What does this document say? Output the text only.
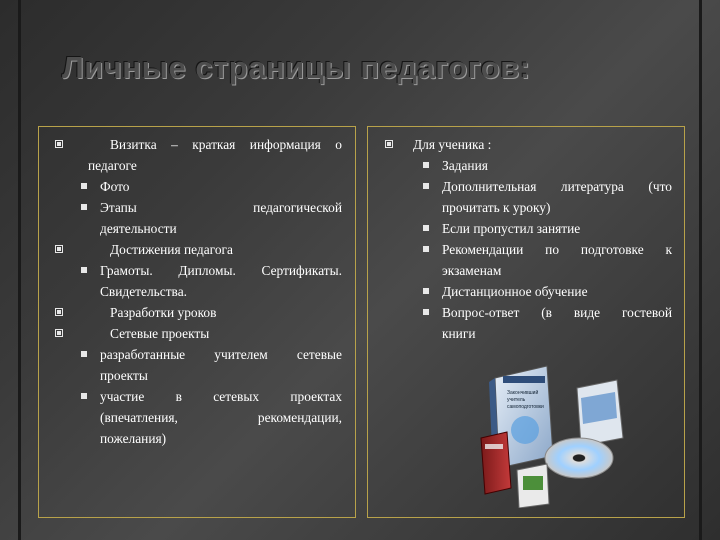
Личные страницы педагогов:
Визитка – краткая информация о
педагоге
Фото
Этапы педагогической
деятельности
Достижения педагога
Грамоты. Дипломы. Сертификаты.
Свидетельства.
Разработки уроков
Сетевые проекты
разработанные учителем сетевые
проекты
участие в сетевых проектах
(впечатления, рекомендации,
пожелания)
Для ученика :
Задания
Дополнительная литература (что
прочитать к уроку)
Если пропустил занятие
Рекомендации по подготовке к
экзаменам
Дистанционное обучение
Вопрос-ответ (в виде гостевой
книги
Закончивший
учитель
самоподготовки
